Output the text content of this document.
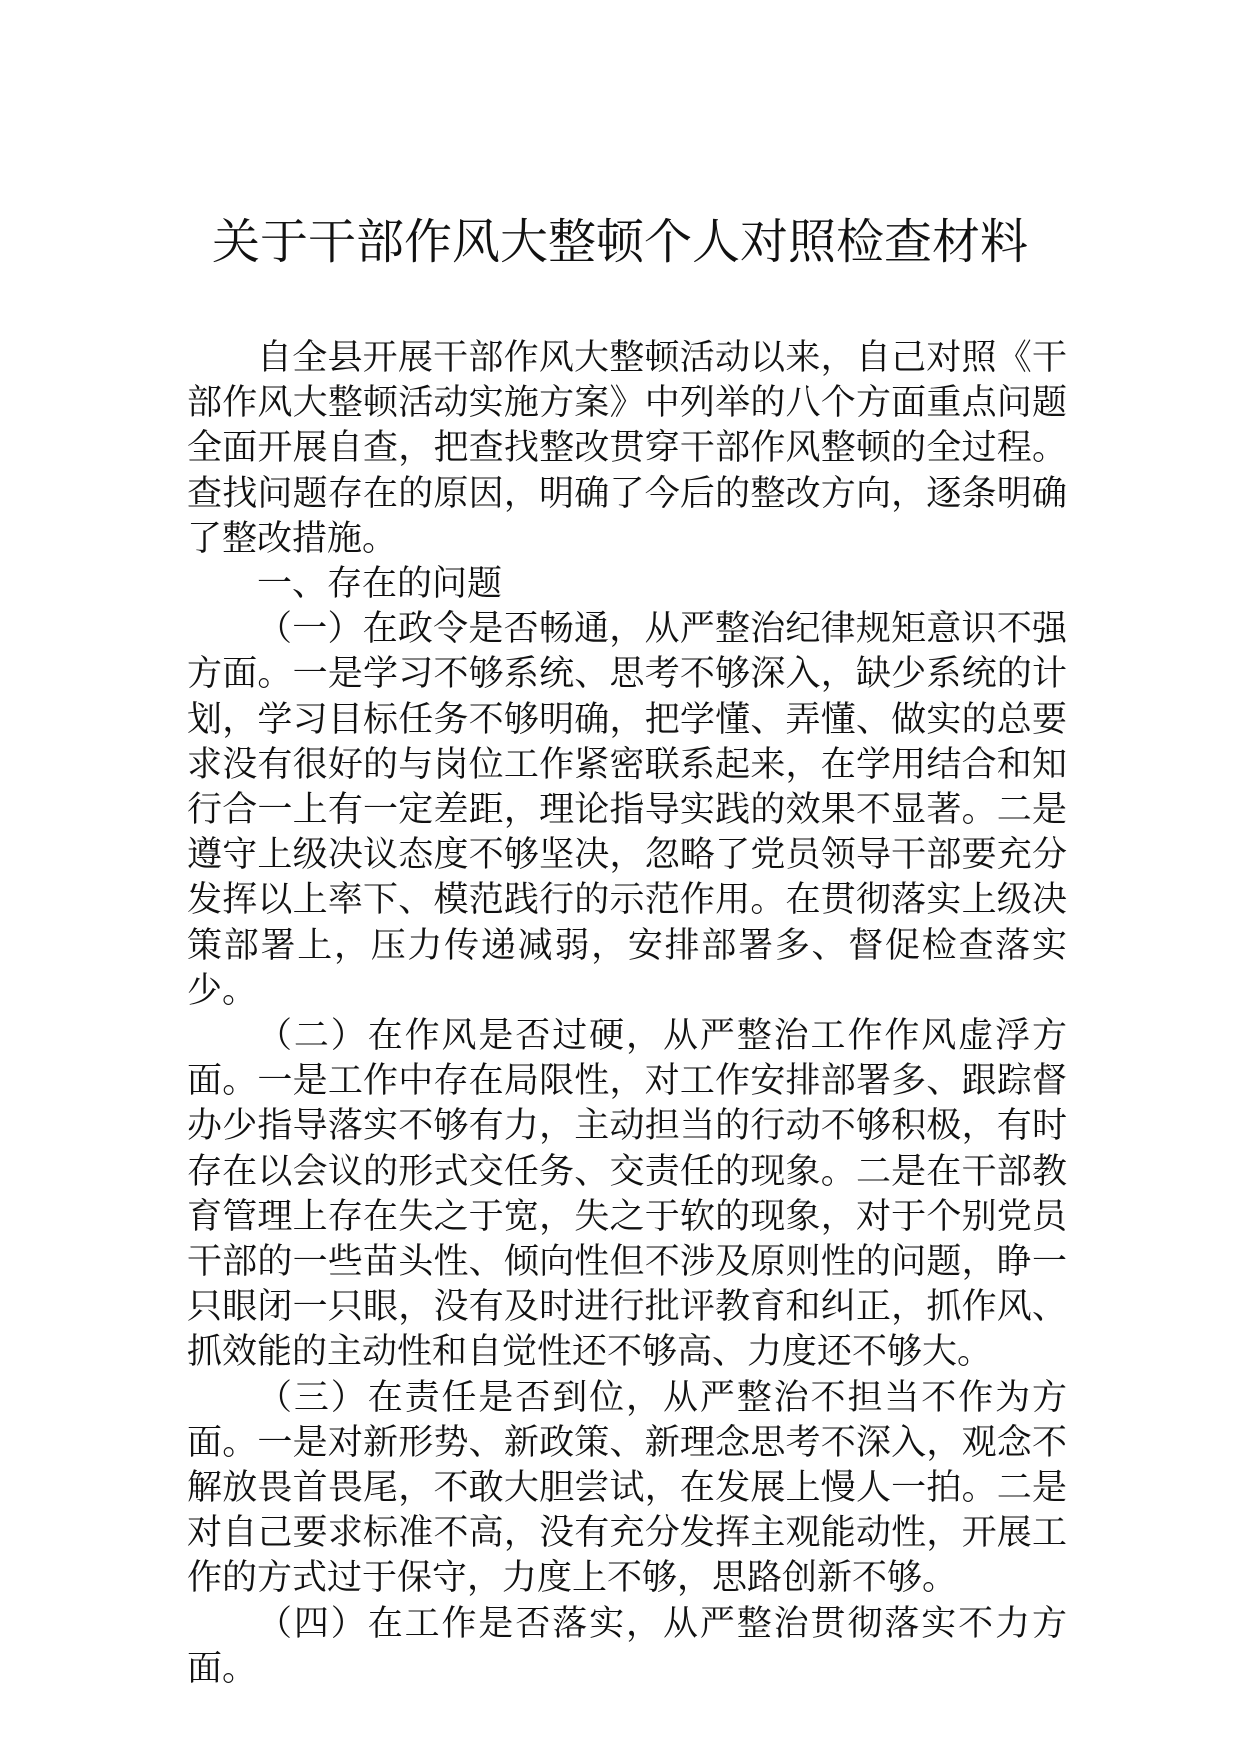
关于干部作风大整顿个人对照检查材料

自全县开展干部作风大整顿活动以来，自己对照《干部作风大整顿活动实施方案》中列举的八个方面重点问题全面开展自查，把查找整改贯穿干部作风整顿的全过程。查找问题存在的原因，明确了今后的整改方向，逐条明确了整改措施。

一、存在的问题

（一）在政令是否畅通，从严整治纪律规矩意识不强方面。一是学习不够系统、思考不够深入，缺少系统的计划，学习目标任务不够明确，把学懂、弄懂、做实的总要求没有很好的与岗位工作紧密联系起来，在学用结合和知行合一上有一定差距，理论指导实践的效果不显著。二是遵守上级决议态度不够坚决，忽略了党员领导干部要充分发挥以上率下、模范践行的示范作用。在贯彻落实上级决策部署上，压力传递减弱，安排部署多、督促检查落实少。

（二）在作风是否过硬，从严整治工作作风虚浮方面。一是工作中存在局限性，对工作安排部署多、跟踪督办少指导落实不够有力，主动担当的行动不够积极，有时存在以会议的形式交任务、交责任的现象。二是在干部教育管理上存在失之于宽，失之于软的现象，对于个别党员干部的一些苗头性、倾向性但不涉及原则性的问题，睁一只眼闭一只眼，没有及时进行批评教育和纠正，抓作风、抓效能的主动性和自觉性还不够高、力度还不够大。

（三）在责任是否到位，从严整治不担当不作为方面。一是对新形势、新政策、新理念思考不深入，观念不解放畏首畏尾，不敢大胆尝试，在发展上慢人一拍。二是对自己要求标准不高，没有充分发挥主观能动性，开展工作的方式过于保守，力度上不够，思路创新不够。

（四）在工作是否落实，从严整治贯彻落实不力方面。
